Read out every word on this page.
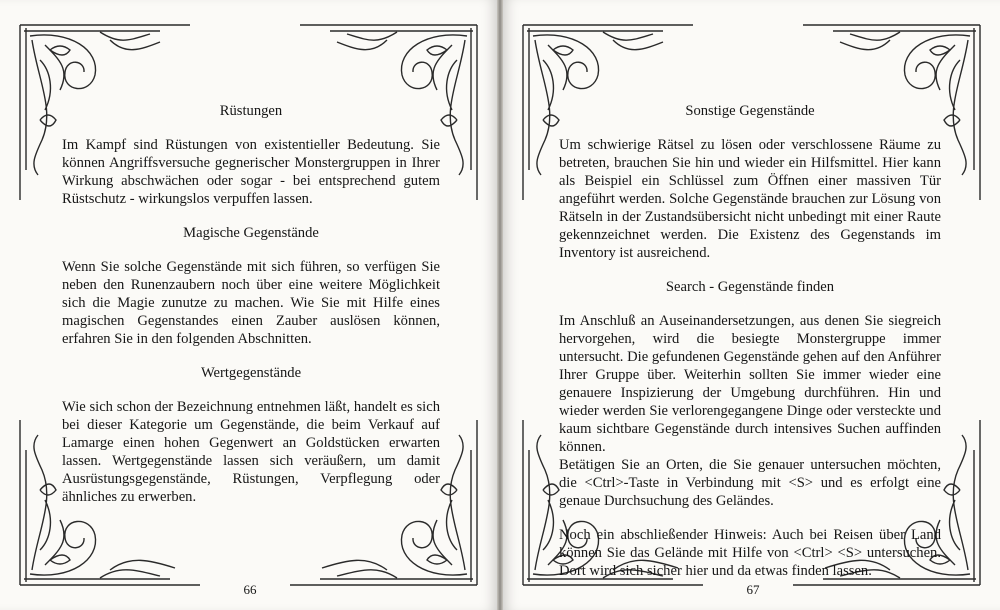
Rüstungen

Im Kampf sind Rüstungen von existentieller Bedeutung. Sie können Angriffsversuche gegnerischer Monstergruppen in Ihrer Wirkung abschwächen oder sogar - bei entsprechend gutem Rüstschutz - wirkungslos verpuffen lassen.

Magische Gegenstände

Wenn Sie solche Gegenstände mit sich führen, so verfügen Sie neben den Runenzaubern noch über eine weitere Möglichkeit sich die Magie zunutze zu machen. Wie Sie mit Hilfe eines magischen Gegenstandes einen Zauber auslösen können, erfahren Sie in den folgenden Abschnitten.

Wertgegenstände

Wie sich schon der Bezeichnung entnehmen läßt, handelt es sich bei dieser Kategorie um Gegenstände, die beim Verkauf auf Lamarge einen hohen Gegenwert an Goldstücken erwarten lassen. Wertgegenstände lassen sich veräußern, um damit Ausrüstungsgegenstände, Rüstungen, Verpflegung oder ähnliches zu erwerben.

66
Sonstige Gegenstände

Um schwierige Rätsel zu lösen oder verschlossene Räume zu betreten, brauchen Sie hin und wieder ein Hilfsmittel. Hier kann als Beispiel ein Schlüssel zum Öffnen einer massiven Tür angeführt werden. Solche Gegenstände brauchen zur Lösung von Rätseln in der Zustandsübersicht nicht unbedingt mit einer Raute gekennzeichnet werden. Die Existenz des Gegenstands im Inventory ist ausreichend.

Search - Gegenstände finden

Im Anschluß an Auseinandersetzungen, aus denen Sie siegreich hervorgehen, wird die besiegte Monstergruppe immer untersucht. Die gefundenen Gegenstände gehen auf den Anführer Ihrer Gruppe über. Weiterhin sollten Sie immer wieder eine genauere Inspizierung der Umgebung durchführen. Hin und wieder werden Sie verlorengegangene Dinge oder versteckte und kaum sichtbare Gegenstände durch intensives Suchen auffinden können.

Betätigen Sie an Orten, die Sie genauer untersuchen möchten, die <Ctrl>-Taste in Verbindung mit <S> und es erfolgt eine genaue Durchsuchung des Geländes.

Noch ein abschließender Hinweis: Auch bei Reisen über Land können Sie das Gelände mit Hilfe von <Ctrl> <S> untersuchen. Dort wird sich sicher hier und da etwas finden lassen.

67
